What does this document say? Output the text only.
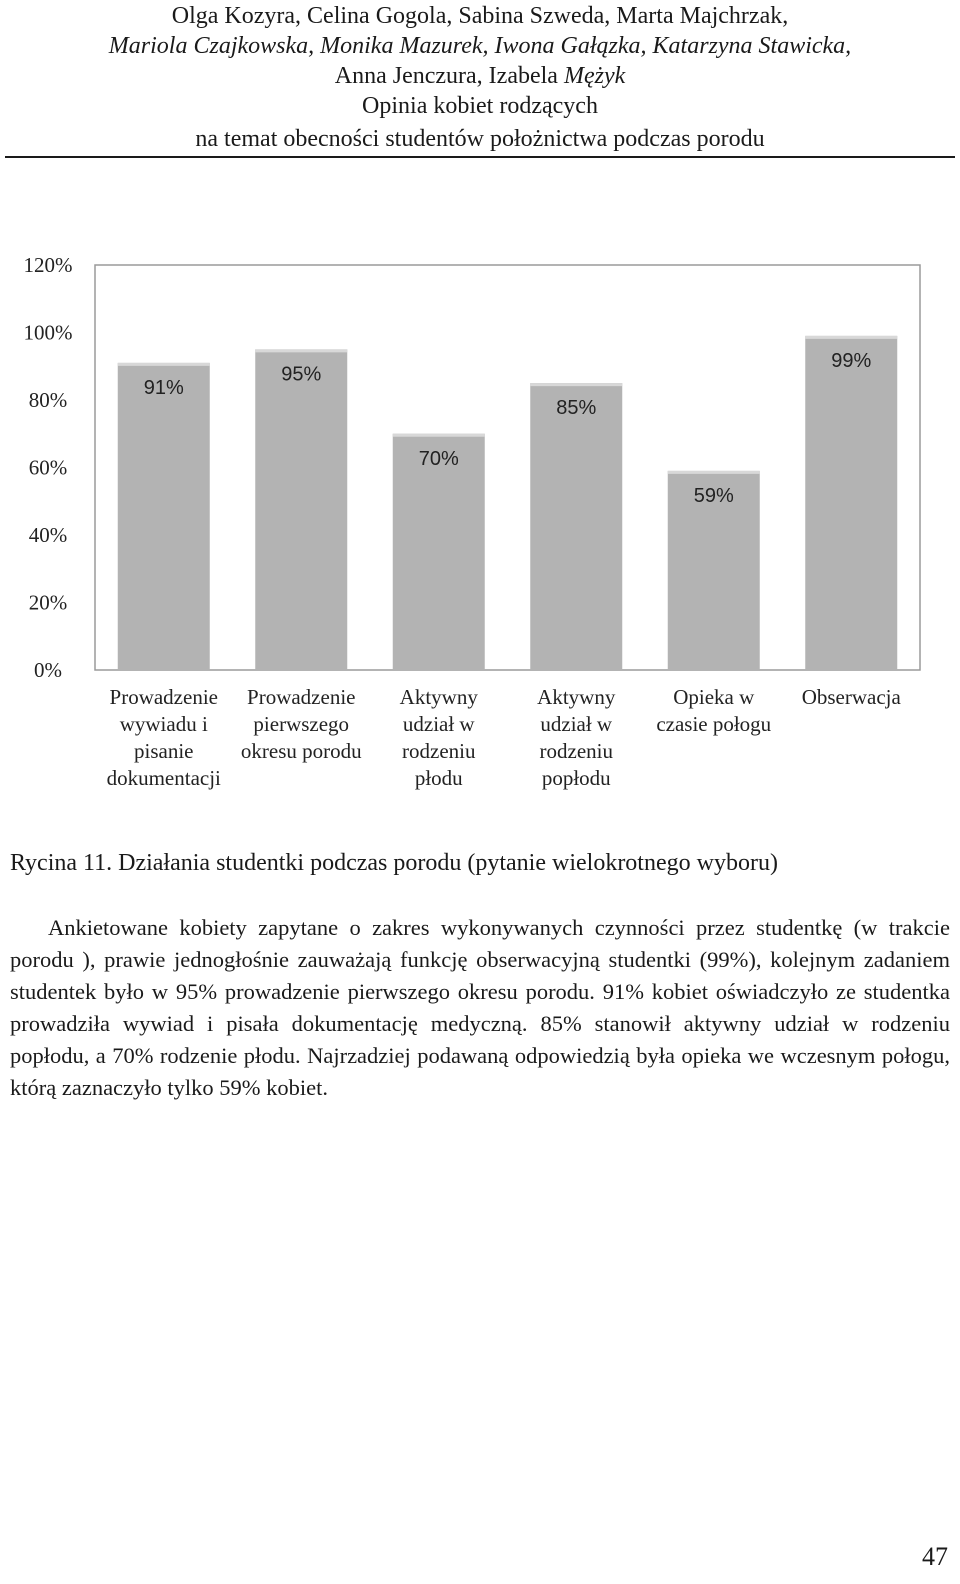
Olga Kozyra, Celina Gogola, Sabina Szweda, Marta Majchrzak,
Mariola Czajkowska, Monika Mazurek, Iwona Gałązka, Katarzyna Stawicka,
Anna Jenczura, Izabela Mężyk
Opinia kobiet rodzących
na temat obecności studentów położnictwa podczas porodu
0%
20%
40%
60%
80%
100%
120%
91%
Prowadzenie
wywiadu i
pisanie
dokumentacji
95%
Prowadzenie
pierwszego
okresu porodu
70%
Aktywny
udział w
rodzeniu
płodu
85%
Aktywny
udział w
rodzeniu
popłodu
59%
Opieka w
czasie połogu
99%
Obserwacja
Rycina 11. Działania studentki podczas porodu (pytanie wielokrotnego wyboru)

Ankietowane kobiety zapytane o zakres wykonywanych czynności przez studentkę (w trakcie porodu ), prawie jednogłośnie zauważają funkcję obserwacyjną studentki (99%), kolejnym zadaniem studentek było w 95% prowadzenie pierwszego okresu porodu. 91% kobiet oświadczyło ze studentka prowadziła wywiad i pisała dokumentację medyczną. 85% stanowił aktywny udział w rodzeniu popłodu, a 70% rodzenie płodu. Najrzadziej podawaną odpowiedzią była opieka we wczesnym połogu, którą zaznaczyło tylko 59% kobiet.

47
